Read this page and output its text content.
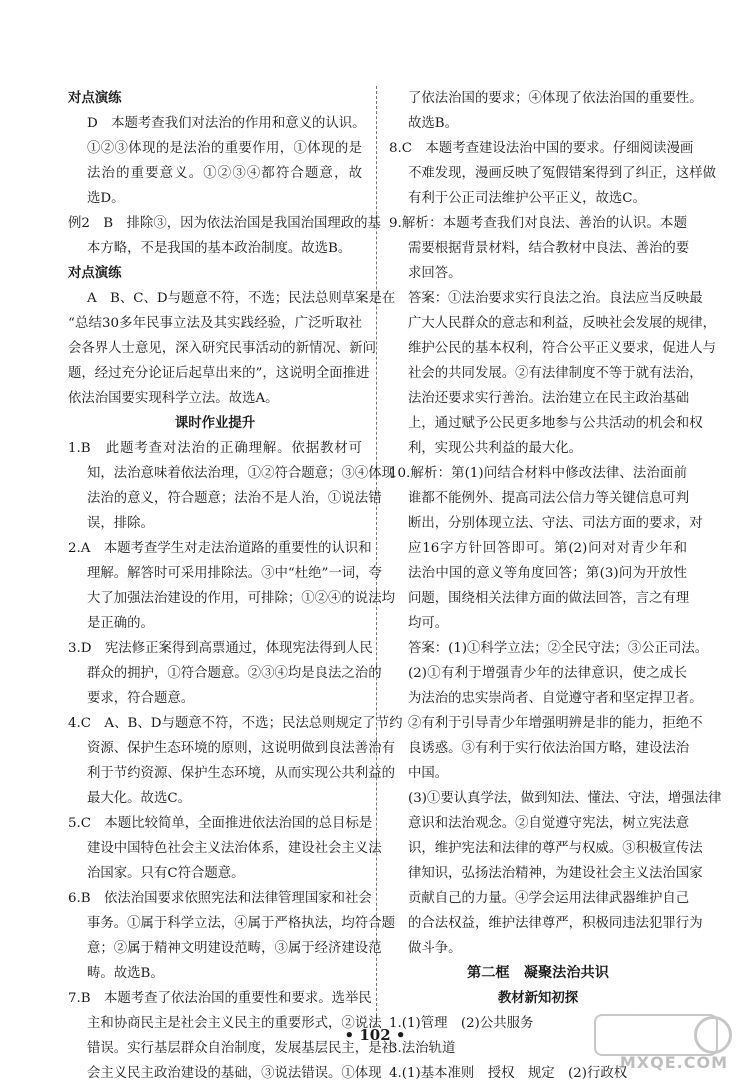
对点演练
D　本题考查我们对法治的作用和意义的认识。
①②③体现的是法治的重要作用，①体现的是
法治的重要意义。①②③④都符合题意，故
选D。
例2　B　排除③，因为依法治国是我国治国理政的基
本方略，不是我国的基本政治制度。故选B。
对点演练
A　B、C、D与题意不符，不选；民法总则草案是在
“总结30多年民事立法及其实践经验，广泛听取社
会各界人士意见，深入研究民事活动的新情况、新问
题，经过充分论证后起草出来的”，这说明全面推进
依法治国要实现科学立法。故选A。
课时作业提升
1.B　此题考查对法治的正确理解。依据教材可
知，法治意味着依法治理，①②符合题意；③④体现
法治的意义，符合题意；法治不是人治，①说法错
误，排除。
2.A　本题考查学生对走法治道路的重要性的认识和
理解。解答时可采用排除法。③中“杜绝”一词，夸
大了加强法治建设的作用，可排除；①②④的说法均
是正确的。
3.D　宪法修正案得到高票通过，体现宪法得到人民
群众的拥护，①符合题意。②③④均是良法之治的
要求，符合题意。
4.C　A、B、D与题意不符，不选；民法总则规定了节约
资源、保护生态环境的原则，这说明做到良法善治有
利于节约资源、保护生态环境，从而实现公共利益的
最大化。故选C。
5.C　本题比较简单，全面推进依法治国的总目标是
建设中国特色社会主义法治体系，建设社会主义法
治国家。只有C符合题意。
6.B　依法治国要求依照宪法和法律管理国家和社会
事务。①属于科学立法，④属于严格执法，均符合题
意；②属于精神文明建设范畴，③属于经济建设范
畴。故选B。
7.B　本题考查了依法治国的重要性和要求。选举民
主和协商民主是社会主义民主的重要形式，②说法
错误。实行基层群众自治制度，发展基层民主，是社
会主义民主政治建设的基础，③说法错误。①体现
了依法治国的要求；④体现了依法治国的重要性。
故选B。
8.C　本题考查建设法治中国的要求。仔细阅读漫画
不难发现，漫画反映了冤假错案得到了纠正，这样做
有利于公正司法维护公平正义，故选C。
9.解析：本题考查我们对良法、善治的认识。本题
需要根据背景材料，结合教材中良法、善治的要
求回答。
答案：①法治要求实行良法之治。良法应当反映最
广大人民群众的意志和利益，反映社会发展的规律，
维护公民的基本权利，符合公平正义要求，促进人与
社会的共同发展。②有法律制度不等于就有法治，
法治还要求实行善治。法治建立在民主政治基础
上，通过赋予公民更多地参与公共活动的机会和权
利，实现公共利益的最大化。
10.解析：第(1)问结合材料中修改法律、法治面前
谁都不能例外、提高司法公信力等关键信息可判
断出，分别体现立法、守法、司法方面的要求，对
应16字方针回答即可。第(2)问对对青少年和
法治中国的意义等角度回答；第(3)问为开放性
问题，围绕相关法律方面的做法回答，言之有理
均可。
答案：(1)①科学立法；②全民守法；③公正司法。
(2)①有利于增强青少年的法律意识，使之成长
为法治的忠实崇尚者、自觉遵守者和坚定捍卫者。
②有利于引导青少年增强明辨是非的能力，拒绝不
良诱惑。③有利于实行依法治国方略，建设法治
中国。
(3)①要认真学法，做到知法、懂法、守法，增强法律
意识和法治观念。②自觉遵守宪法，树立宪法意
识，维护宪法和法律的尊严与权威。③积极宣传法
律知识，弘扬法治精神，为建设社会主义法治国家
贡献自己的力量。④学会运用法律武器维护自己
的合法权益，维护法律尊严，积极同违法犯罪行为
做斗争。
第二框　凝聚法治共识
教材新知初探
1.(1)管理　(2)公共服务
3.法治轨道
4.(1)基本准则　授权　规定　(2)行政权
• 102 •
MXQE.COM
